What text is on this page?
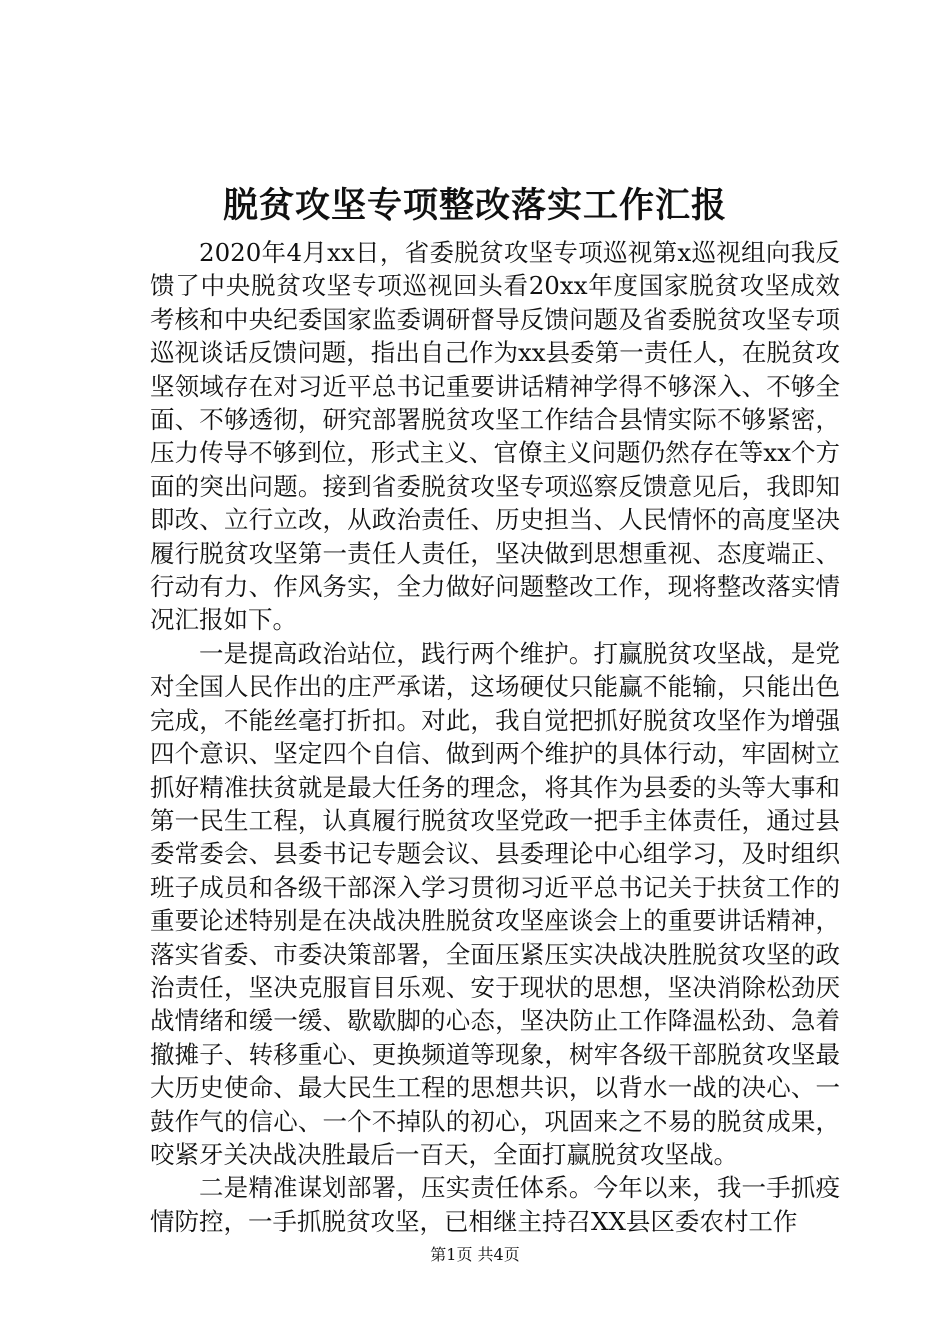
脱贫攻坚专项整改落实工作汇报

2020年4月xx日，省委脱贫攻坚专项巡视第x巡视组向我反馈了中央脱贫攻坚专项巡视回头看20xx年度国家脱贫攻坚成效考核和中央纪委国家监委调研督导反馈问题及省委脱贫攻坚专项巡视谈话反馈问题，指出自己作为xx县委第一责任人，在脱贫攻坚领域存在对习近平总书记重要讲话精神学得不够深入、不够全面、不够透彻，研究部署脱贫攻坚工作结合县情实际不够紧密，压力传导不够到位，形式主义、官僚主义问题仍然存在等xx个方面的突出问题。接到省委脱贫攻坚专项巡察反馈意见后，我即知即改、立行立改，从政治责任、历史担当、人民情怀的高度坚决履行脱贫攻坚第一责任人责任，坚决做到思想重视、态度端正、行动有力、作风务实，全力做好问题整改工作，现将整改落实情况汇报如下。

一是提高政治站位，践行两个维护。打赢脱贫攻坚战，是党对全国人民作出的庄严承诺，这场硬仗只能赢不能输，只能出色完成，不能丝毫打折扣。对此，我自觉把抓好脱贫攻坚作为增强四个意识、坚定四个自信、做到两个维护的具体行动，牢固树立抓好精准扶贫就是最大任务的理念，将其作为县委的头等大事和第一民生工程，认真履行脱贫攻坚党政一把手主体责任，通过县委常委会、县委书记专题会议、县委理论中心组学习，及时组织班子成员和各级干部深入学习贯彻习近平总书记关于扶贫工作的重要论述特别是在决战决胜脱贫攻坚座谈会上的重要讲话精神，落实省委、市委决策部署，全面压紧压实决战决胜脱贫攻坚的政治责任，坚决克服盲目乐观、安于现状的思想，坚决消除松劲厌战情绪和缓一缓、歇歇脚的心态，坚决防止工作降温松劲、急着撤摊子、转移重心、更换频道等现象，树牢各级干部脱贫攻坚最大历史使命、最大民生工程的思想共识，以背水一战的决心、一鼓作气的信心、一个不掉队的初心，巩固来之不易的脱贫成果，咬紧牙关决战决胜最后一百天，全面打赢脱贫攻坚战。

二是精准谋划部署，压实责任体系。今年以来，我一手抓疫情防控，一手抓脱贫攻坚，已相继主持召XX县区委农村工作

第1页 共4页
